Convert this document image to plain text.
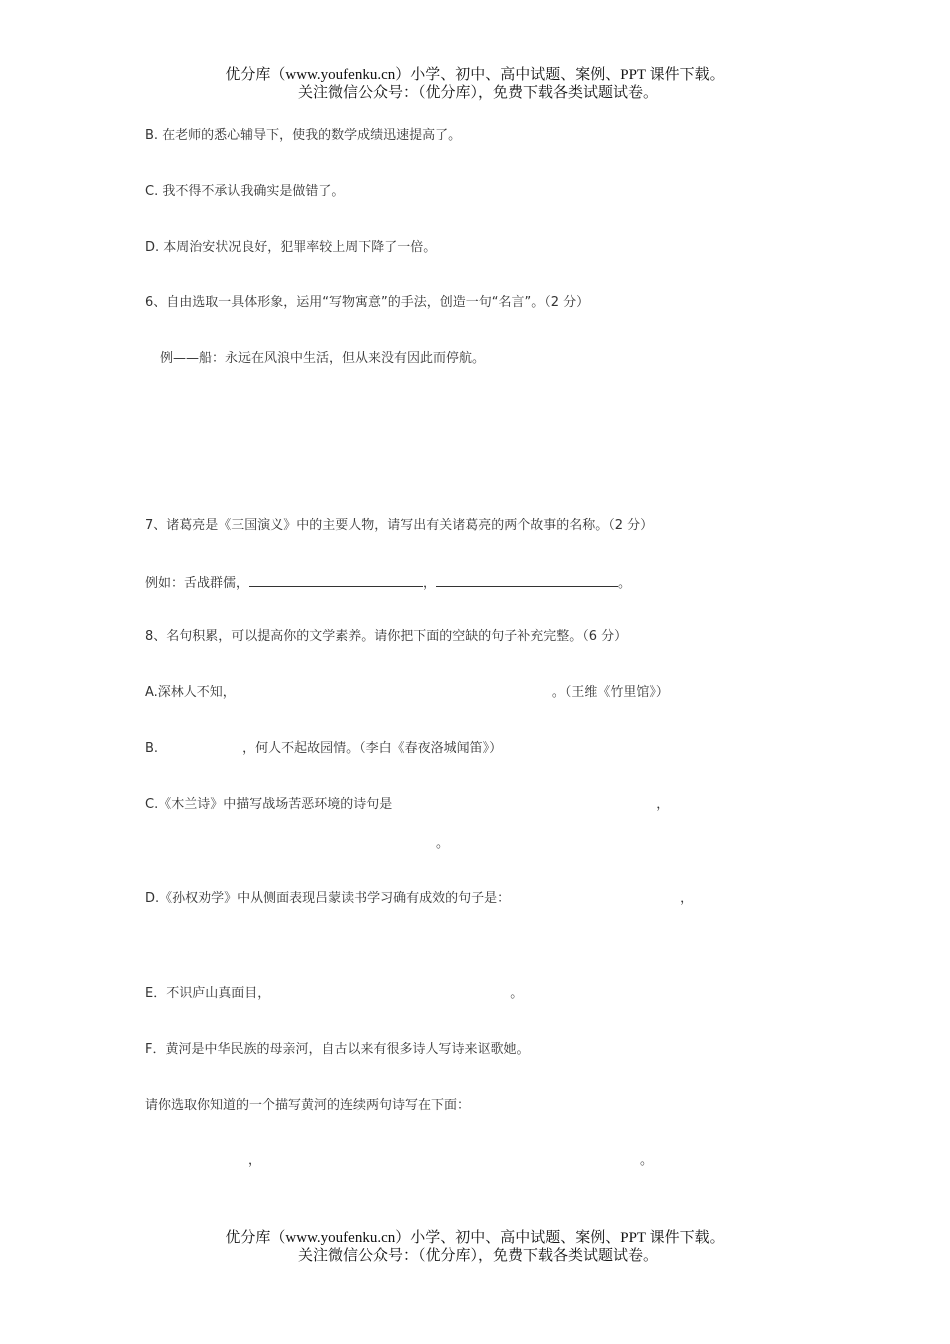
优分库（www.youfenku.cn）小学、初中、高中试题、案例、PPT 课件下载。
关注微信公众号：（优分库），免费下载各类试题试卷。
B. 在老师的悉心辅导下，使我的数学成绩迅速提高了。
C. 我不得不承认我确实是做错了。
D. 本周治安状况良好，犯罪率较上周下降了一倍。
6、自由选取一具体形象，运用“写物寓意”的手法，创造一句“名言”。（2 分）
例——船：永远在风浪中生活，但从来没有因此而停航。
7、诸葛亮是《三国演义》中的主要人物，请写出有关诸葛亮的两个故事的名称。（2 分）
例如：舌战群儒，	，	。
8、名句积累，可以提高你的文学素养。请你把下面的空缺的句子补充完整。（6 分）
A.深林人不知，	。（王维《竹里馆》）
B.	，何人不起故园情。（李白《春夜洛城闻笛》）
C.《木兰诗》中描写战场苦恶环境的诗句是	，
。
D.《孙权劝学》中从侧面表现吕蒙读书学习确有成效的句子是：	，
E．不识庐山真面目，	。
F．黄河是中华民族的母亲河，自古以来有很多诗人写诗来讴歌她。
请你选取你知道的一个描写黄河的连续两句诗写在下面：
，	。
优分库（www.youfenku.cn）小学、初中、高中试题、案例、PPT 课件下载。
关注微信公众号：（优分库），免费下载各类试题试卷。
